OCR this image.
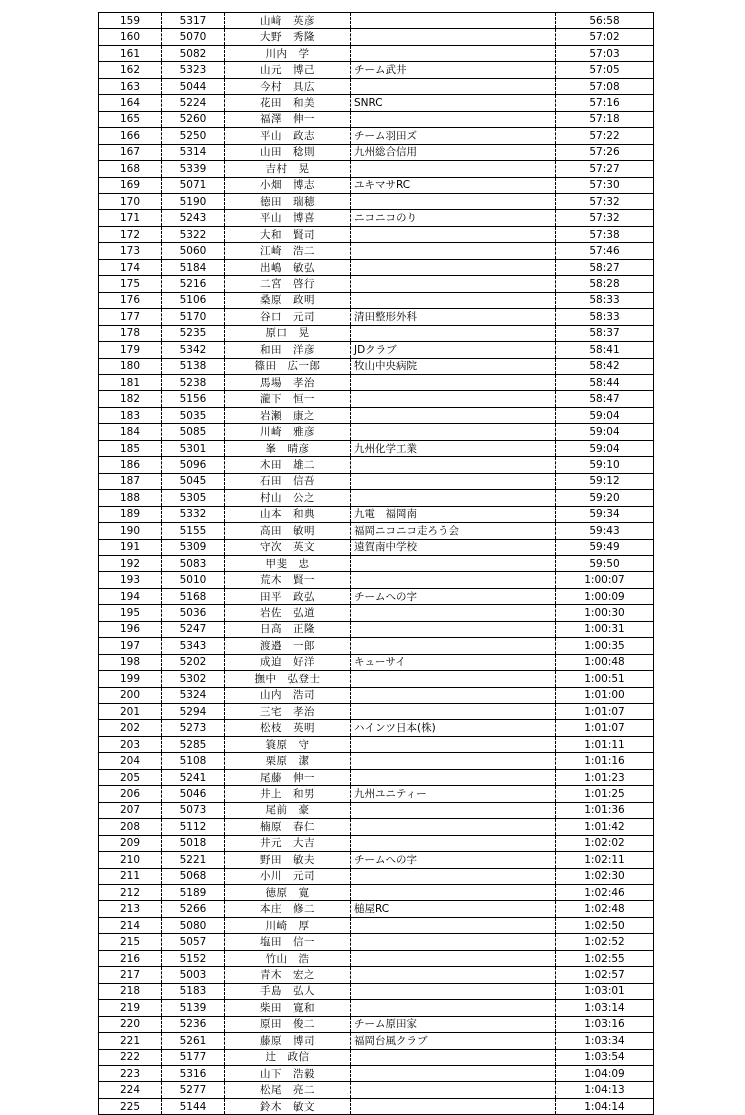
159	5317	山﨑　英彦		56:58
160	5070	大野　秀隆		57:02
161	5082	川内　学		57:03
162	5323	山元　博己	チーム武井	57:05
163	5044	今村　具広		57:08
164	5224	花田　和美	SNRC	57:16
165	5260	福澤　伸一		57:18
166	5250	平山　政志	チーム羽田ズ	57:22
167	5314	山田　稔則	九州総合信用	57:26
168	5339	吉村　晃		57:27
169	5071	小畑　博志	ユキマサRC	57:30
170	5190	徳田　瑞穂		57:32
171	5243	平山　博喜	ニコニコのり	57:32
172	5322	大和　賢司		57:38
173	5060	江崎　浩二		57:46
174	5184	出嶋　敏弘		58:27
175	5216	二宮　啓行		58:28
176	5106	桑原　政明		58:33
177	5170	谷口　元司	清田整形外科	58:33
178	5235	原口　晃		58:37
179	5342	和田　洋彦	JDクラブ	58:41
180	5138	篠田　広一郎	牧山中央病院	58:42
181	5238	馬場　孝治		58:44
182	5156	瀧下　恒一		58:47
183	5035	岩瀬　康之		59:04
184	5085	川崎　雅彦		59:04
185	5301	峯　晴彦	九州化学工業	59:04
186	5096	木田　雄二		59:10
187	5045	石田　信吾		59:12
188	5305	村山　公之		59:20
189	5332	山本　和典	九電　福岡南	59:34
190	5155	高田　敏明	福岡ニコニコ走ろう会	59:43
191	5309	守次　英文	遠賀南中学校	59:49
192	5083	甲斐　忠		59:50
193	5010	荒木　賢一		1:00:07
194	5168	田平　政弘	チームへの字	1:00:09
195	5036	岩佐　弘道		1:00:30
196	5247	日高　正隆		1:00:31
197	5343	渡邉　一郎		1:00:35
198	5202	成迫　好洋	キューサイ	1:00:48
199	5302	撫中　弘登士		1:00:51
200	5324	山内　浩司		1:01:00
201	5294	三宅　孝治		1:01:07
202	5273	松枝　英明	ハインツ日本(株)	1:01:07
203	5285	簑原　守		1:01:11
204	5108	栗原　潔		1:01:16
205	5241	尾藤　伸一		1:01:23
206	5046	井上　和男	九州ユニティー	1:01:25
207	5073	尾前　豪		1:01:36
208	5112	楠原　春仁		1:01:42
209	5018	井元　大吉		1:02:02
210	5221	野田　敏夫	チームへの字	1:02:11
211	5068	小川　元司		1:02:30
212	5189	徳原　寛		1:02:46
213	5266	本庄　修二	槌屋RC	1:02:48
214	5080	川崎　厚		1:02:50
215	5057	塩田　信一		1:02:52
216	5152	竹山　浩		1:02:55
217	5003	青木　宏之		1:02:57
218	5183	手島　弘人		1:03:01
219	5139	柴田　寛和		1:03:14
220	5236	原田　俊二	チーム原田家	1:03:16
221	5261	藤原　博司	福岡台風クラブ	1:03:34
222	5177	辻　政信		1:03:54
223	5316	山下　浩毅		1:04:09
224	5277	松尾　亮二		1:04:13
225	5144	鈴木　敏文		1:04:14
